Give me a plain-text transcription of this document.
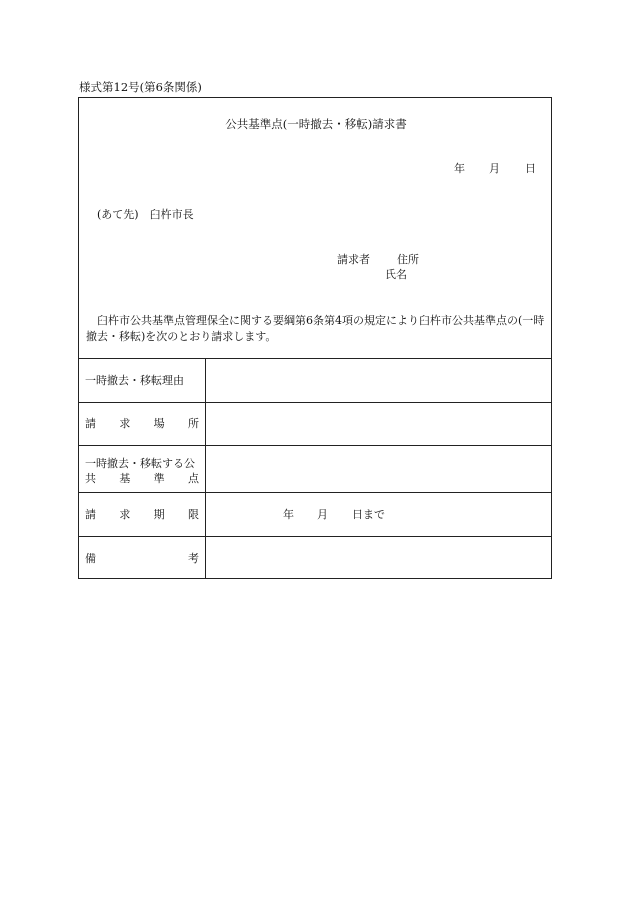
様式第12号(第6条関係)
公共基準点(一時撤去・移転)請求書
年 月 日
(あて先)　臼杵市長
請求者 住所
氏名
臼杵市公共基準点管理保全に関する要綱第6条第4項の規定により臼杵市公共基準点の(一時撤去・移転)を次のとおり請求します。
一時撤去・移転理由
請 求 場 所
一時撤去・移転する公
共 基 準 点
請 求 期 限	年 月 日まで
備	考
